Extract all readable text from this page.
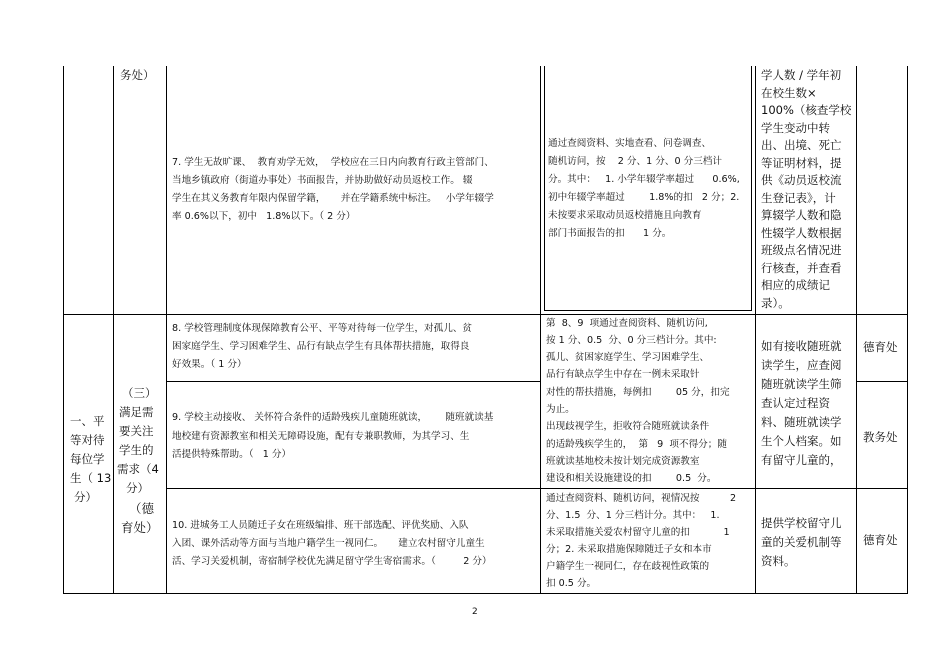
务处）
7. 学生无故旷课、  教育劝学无效，  学校应在三日内向教育行政主管部门、
当地乡镇政府（街道办事处）书面报告，并协助做好动员返校工作。 辍
学生在其义务教育年限内保留学籍，     并在学籍系统中标注。   小学年辍学
率 0.6%以下，初中   1.8%以下。（ 2 分）
通过查阅资料、实地查看、问卷调查、
随机访问，按    2 分、1 分、0 分三档计
分。其中：   1. 小学年辍学率超过      0.6%,
初中年辍学率超过        1.8%的扣   2 分；2.
未按要求采取动员返校措施且向教育
部门书面报告的扣      1 分。
学人数 / 学年初
在校生数×
100%（核查学校
学生变动中转
出、出境、死亡
等证明材料，提
供《动员返校流
生登记表》，计
算辍学人数和隐
性辍学人数根据
班级点名情况进
行核查，并查看
相应的成绩记
录）。
一、平
等对待
每位学
生（ 13
分）
（三）
满足需
要关注
学生的
需求（4
分）
（德
育处）
8. 学校管理制度体现保障教育公平、平等对待每一位学生，对孤儿、贫
困家庭学生、学习困难学生、品行有缺点学生有具体帮扶措施，取得良
好效果。（ 1 分）
9. 学校主动接收、 关怀符合条件的适龄残疾儿童随班就读，      随班就读基
地校建有资源教室和相关无障碍设施，配有专兼职教师，为其学习、生
活提供特殊帮助。（   1 分）
第  8、9  项通过查阅资料、随机访问,
按 1 分、0.5  分、0 分三档计分。其中:
孤儿、贫困家庭学生、学习困难学生、
品行有缺点学生中存在一例未采取针
对性的帮扶措施，每例扣        05 分，扣完
为止。
出现歧视学生，拒收符合随班就读条件
的适龄残疾学生的，  第   9  项不得分；随
班就读基地校未按计划完成资源教室
建设和相关设施建设的扣        0.5  分。
如有接收随班就
读学生，应查阅
随班就读学生筛
查认定过程资
料、随班就读学
生个人档案。如
有留守儿童的，
德育处
教务处
10. 进城务工人员随迁子女在班级编排、班干部选配、评优奖励、入队
入团、课外活动等方面与当地户籍学生一视同仁。     建立农村留守儿童生
活、学习关爱机制，寄宿制学校优先满足留守学生寄宿需求。（         2 分）
通过查阅资料、随机访问，视情况按          2
分、1.5  分、1 分三档计分。其中：   1.
未采取措施关爱农村留守儿童的扣           1
分；2. 未采取措施保障随迁子女和本市
户籍学生一视同仁，存在歧视性政策的
扣 0.5 分。
提供学校留守儿
童的关爱机制等
资料。
德育处
2
